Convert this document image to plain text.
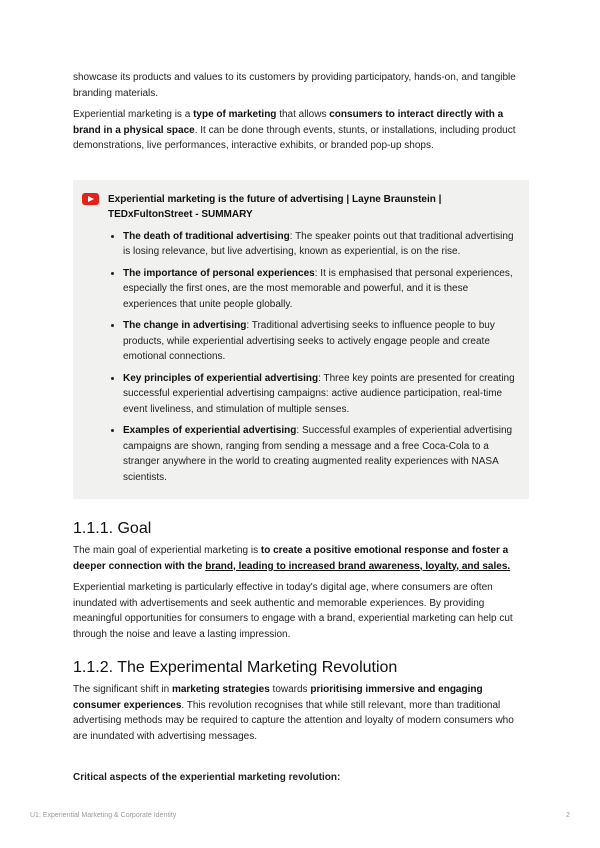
showcase its products and values to its customers by providing participatory, hands-on, and tangible branding materials.

Experiential marketing is a type of marketing that allows consumers to interact directly with a brand in a physical space. It can be done through events, stunts, or installations, including product demonstrations, live performances, interactive exhibits, or branded pop-up shops.

Experiential marketing is the future of advertising | Layne Braunstein | TEDxFultonStreet - SUMMARY
• The death of traditional advertising: The speaker points out that traditional advertising is losing relevance, but live advertising, known as experiential, is on the rise.
• The importance of personal experiences: It is emphasised that personal experiences, especially the first ones, are the most memorable and powerful, and it is these experiences that unite people globally.
• The change in advertising: Traditional advertising seeks to influence people to buy products, while experiential advertising seeks to actively engage people and create emotional connections.
• Key principles of experiential advertising: Three key points are presented for creating successful experiential advertising campaigns: active audience participation, real-time event liveliness, and stimulation of multiple senses.
• Examples of experiential advertising: Successful examples of experiential advertising campaigns are shown, ranging from sending a message and a free Coca-Cola to a stranger anywhere in the world to creating augmented reality experiences with NASA scientists.
1.1.1. Goal

The main goal of experiential marketing is to create a positive emotional response and foster a deeper connection with the brand, leading to increased brand awareness, loyalty, and sales.

Experiential marketing is particularly effective in today's digital age, where consumers are often inundated with advertisements and seek authentic and memorable experiences. By providing meaningful opportunities for consumers to engage with a brand, experiential marketing can help cut through the noise and leave a lasting impression.

1.1.2. The Experimental Marketing Revolution

The significant shift in marketing strategies towards prioritising immersive and engaging consumer experiences. This revolution recognises that while still relevant, more than traditional advertising methods may be required to capture the attention and loyalty of modern consumers who are inundated with advertising messages.

Critical aspects of the experiential marketing revolution:

U1: Experiential Marketing & Corporate Identity	2
